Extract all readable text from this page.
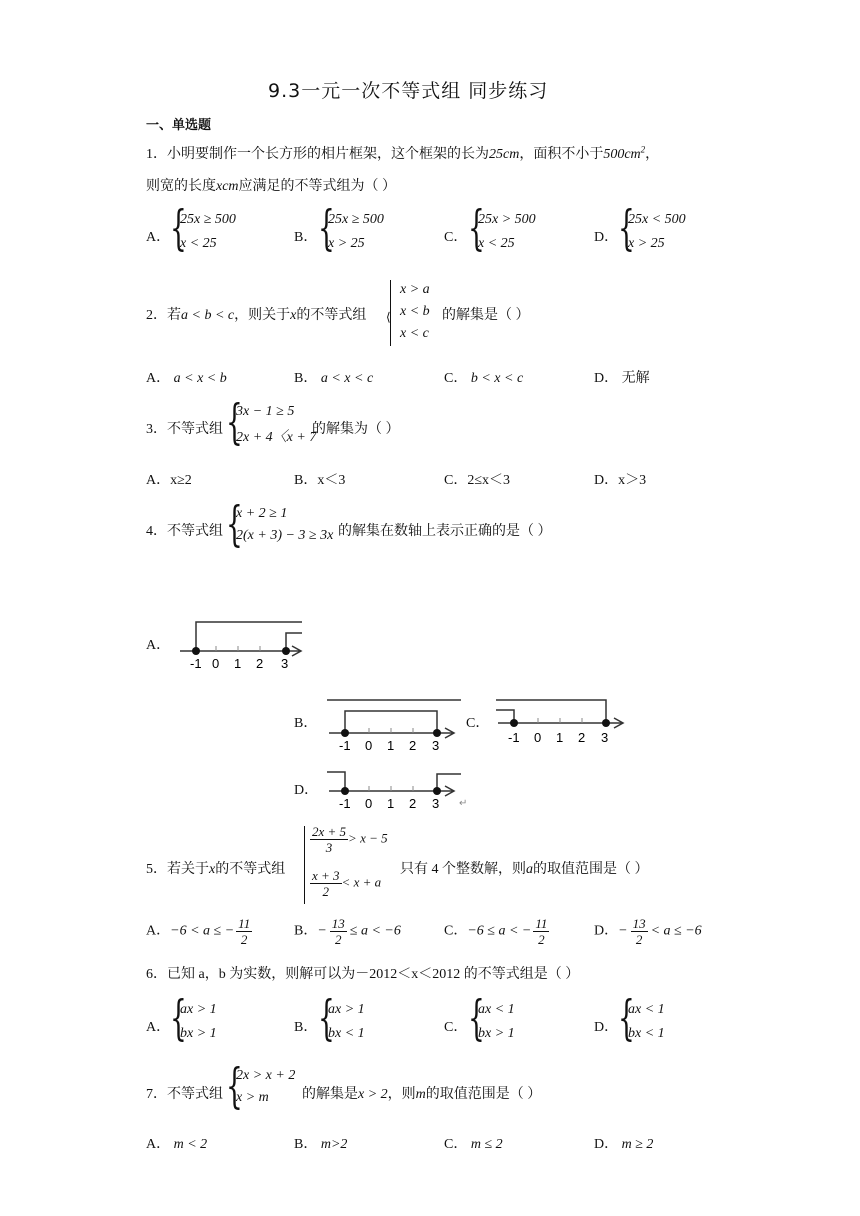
9.3一元一次不等式组 同步练习
一、单选题
1．小明要制作一个长方形的相片框架，这个框架的长为25cm，面积不小于$500cm^2$，
则宽的长度xcm应满足的不等式组为（ ）
A． {
25x ≥ 500
x < 25	B． {
25x ≥ 500
x > 25	C． {
25x > 500
x < 25	D． {
25x < 500
x > 25
2．若a < b < c，则关于x的不等式组 ⟨
x > a
x < b
x < c
的解集是（ ）
A． a < x < b	B． a < x < c	C． b < x < c	D． 无解
3．不等式组 {
3x − 1 ≥ 5
2x + 4〈x + 7
的解集为（ ）
A．x≥2	B．x＜3	C．2≤x＜3	D．x＞3
4．不等式组 {
x + 2 ≥ 1
2(x + 3) − 3 ≥ 3x 的解集在数轴上表示正确的是（ ）
A．
-1 0 1 2 3
B．
-1 0 1 2 3
C．
-1 0 1 2 3
D．
-1 0 1 2 3 ↵
5．若关于x的不等式组
$\frac{2x + 5}{3} > x - 5$
$\frac{x + 3}{2} < x + a$
只有 4 个整数解，则a的取值范围是（ ）
A．−6 < a ≤ − $\frac{11}{2}$	B．− $\frac{13}{2} \le a < -6$	C．−6 ≤ a < − $\frac{11}{2}$	D．− $\frac{13}{2} < a \le -6$
6．已知 a，b 为实数，则解可以为－2012＜x＜2012 的不等式组是（ ）
A． {
ax > 1
bx > 1	B． {
ax > 1
bx < 1	C． {
ax < 1
bx > 1	D． {
ax < 1
bx < 1
7．不等式组 {
2x > x + 2
x > m 的解集是x > 2，则m的取值范围是（ ）
A． m < 2	B． m>2	C． m ≤ 2	D． m ≥ 2
